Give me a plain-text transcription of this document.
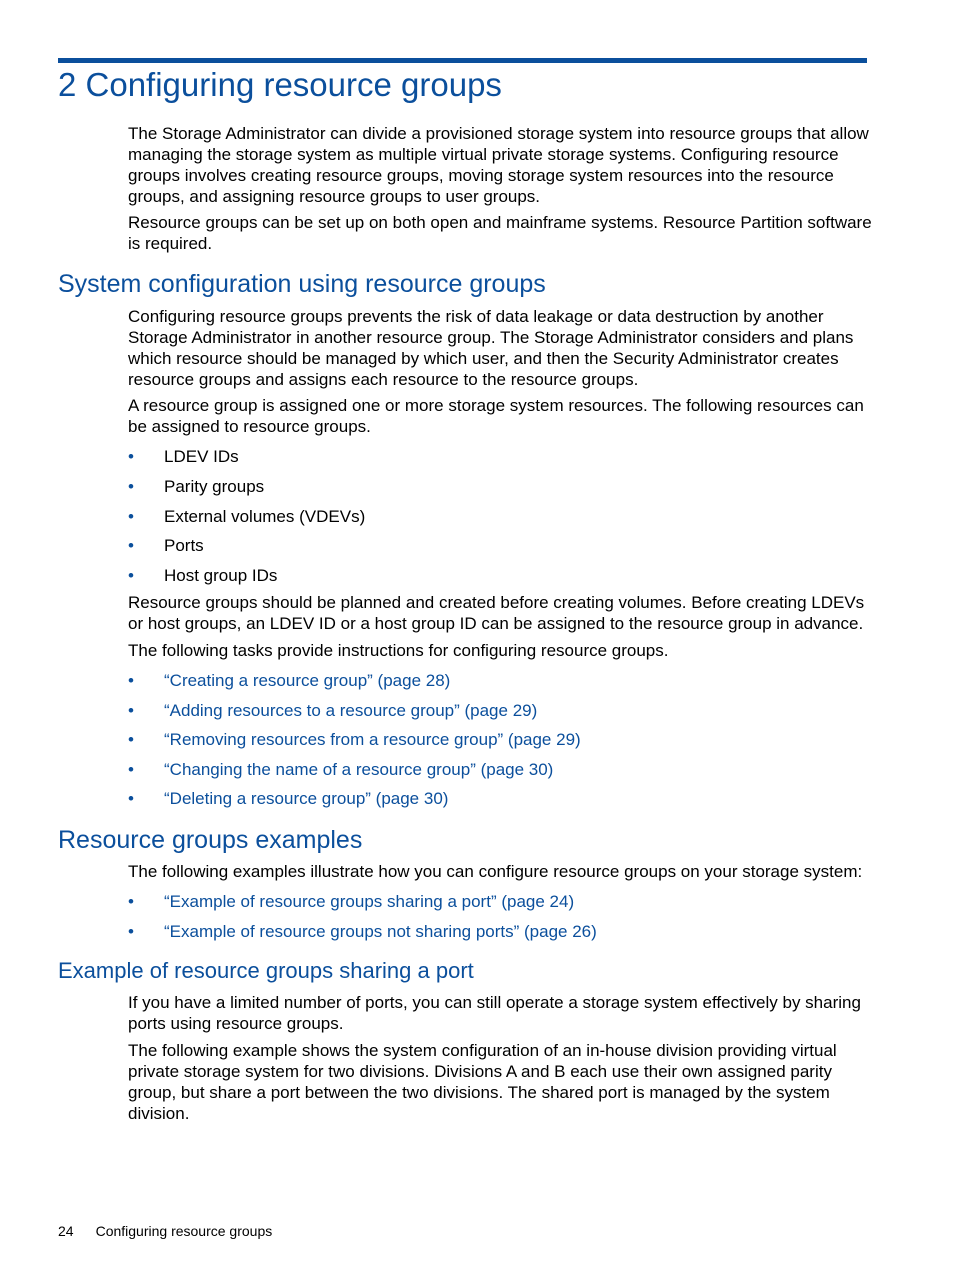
2 Configuring resource groups
The Storage Administrator can divide a provisioned storage system into resource groups that allow managing the storage system as multiple virtual private storage systems. Configuring resource groups involves creating resource groups, moving storage system resources into the resource groups, and assigning resource groups to user groups.
Resource groups can be set up on both open and mainframe systems. Resource Partition software is required.
System configuration using resource groups
Configuring resource groups prevents the risk of data leakage or data destruction by another Storage Administrator in another resource group. The Storage Administrator considers and plans which resource should be managed by which user, and then the Security Administrator creates resource groups and assigns each resource to the resource groups.
A resource group is assigned one or more storage system resources. The following resources can be assigned to resource groups.
• LDEV IDs
• Parity groups
• External volumes (VDEVs)
• Ports
• Host group IDs
Resource groups should be planned and created before creating volumes. Before creating LDEVs or host groups, an LDEV ID or a host group ID can be assigned to the resource group in advance.
The following tasks provide instructions for configuring resource groups.
• “Creating a resource group” (page 28)
• “Adding resources to a resource group” (page 29)
• “Removing resources from a resource group” (page 29)
• “Changing the name of a resource group” (page 30)
• “Deleting a resource group” (page 30)
Resource groups examples
The following examples illustrate how you can configure resource groups on your storage system:
• “Example of resource groups sharing a port” (page 24)
• “Example of resource groups not sharing ports” (page 26)
Example of resource groups sharing a port
If you have a limited number of ports, you can still operate a storage system effectively by sharing ports using resource groups.
The following example shows the system configuration of an in-house division providing virtual private storage system for two divisions. Divisions A and B each use their own assigned parity group, but share a port between the two divisions. The shared port is managed by the system division.
24 Configuring resource groups
